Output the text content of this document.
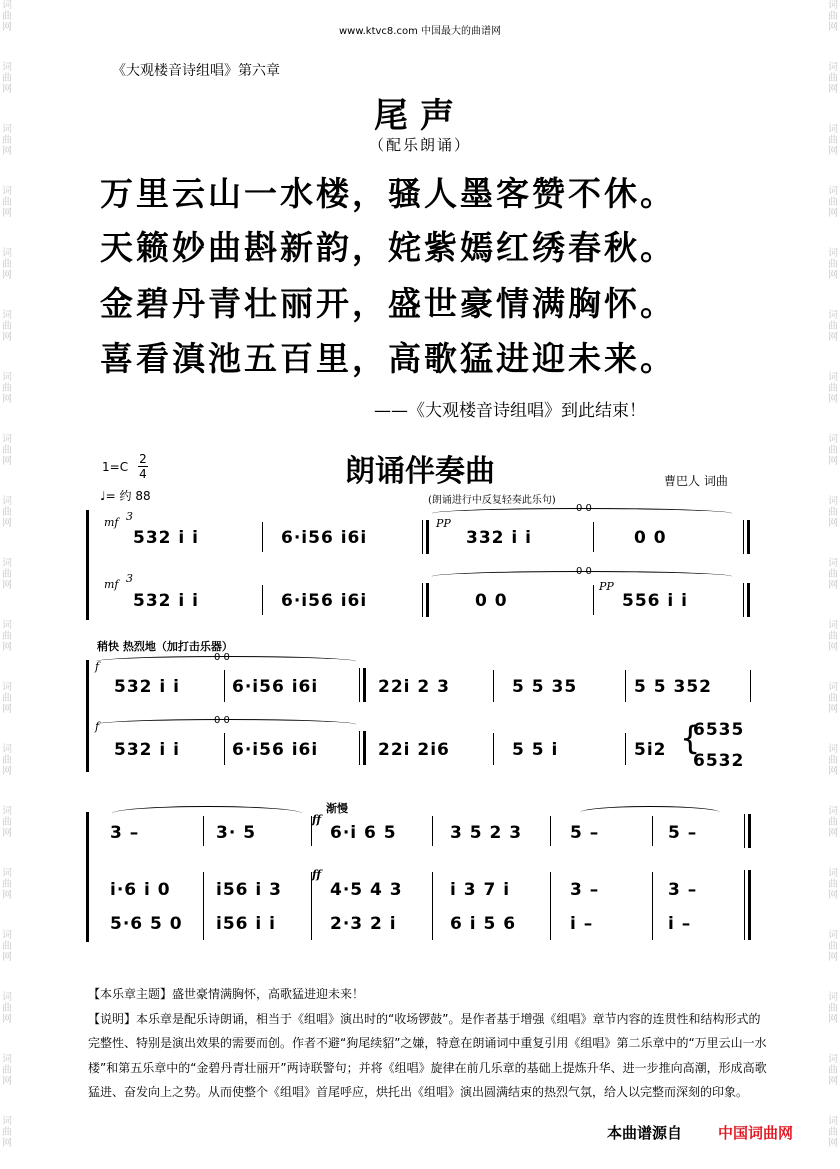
词
曲
网
词
曲
网
词
曲
网
词
曲
网
词
曲
网
词
曲
网
词
曲
网
词
曲
网
词
曲
网
词
曲
网
词
曲
网
词
曲
网
词
曲
网
词
曲
网
词
曲
网
词
曲
网
词
曲
网
词
曲
网
词
曲
网
词
曲
网
词
曲
网
词
曲
网
词
曲
网
词
曲
网
词
曲
网
词
曲
网
词
曲
网
词
曲
网
词
曲
网
词
曲
网
词
曲
网
词
曲
网
词
曲
网
词
曲
网
词
曲
网
词
曲
网
词
曲
网
词
曲
网
www.ktvc8.com 中国最大的曲谱网
《大观楼音诗组唱》第六章
尾声
（配乐朗诵）
万里云山一水楼，骚人墨客赞不休。
天籁妙曲斟新韵，姹紫嫣红绣春秋。
金碧丹青壮丽开，盛世豪情满胸怀。
喜看滇池五百里，高歌猛进迎未来。
——《大观楼音诗组唱》到此结束！
朗诵伴奏曲
1=C
2
4
♩= 约 88
曹巴人 词曲
(朗诵进行中反复轻奏此乐句)
mf
mf
3
3
PP
PP
0 0
0 0
532 i i	6·i56 i6i	332 i i	0 0
532 i i	6·i56 i6i	0 0	556 i i
稍快 热烈地（加打击乐器）
f
f
0 0
0 0
532 i i	6·i56 i6i	22i 2 3	5 5 35	5 5 352
532 i i	6·i56 i6i	22i 2i6	5 5 i	5i2 {
6535
6532
渐慢
ff
ff
3 –	3· 5	6·i 6 5	3 5 2 3	5 –	5 –
i·6 i 0	i56 i 3	4·5 4 3	i 3 7 i	3 –	3 –
5·6 5 0 i56 i i	2·3 2 i	6 i 5 6	i –	i –

【本乐章主题】盛世豪情满胸怀，高歌猛进迎未来！

【说明】本乐章是配乐诗朗诵，相当于《组唱》演出时的“收场锣鼓”。是作者基于增强《组唱》章节内容的连贯性和结构形式的完整性、特别是演出效果的需要而创。作者不避“狗尾续貂”之嫌，特意在朗诵词中重复引用《组唱》第二乐章中的“万里云山一水楼”和第五乐章中的“金碧丹青壮丽开”两诗联警句；并将《组唱》旋律在前几乐章的基础上提炼升华、进一步推向高潮，形成高歌猛进、奋发向上之势。从而使整个《组唱》首尾呼应，烘托出《组唱》演出圆满结束的热烈气氛，给人以完整而深刻的印象。

本曲谱源自 中国词曲网
